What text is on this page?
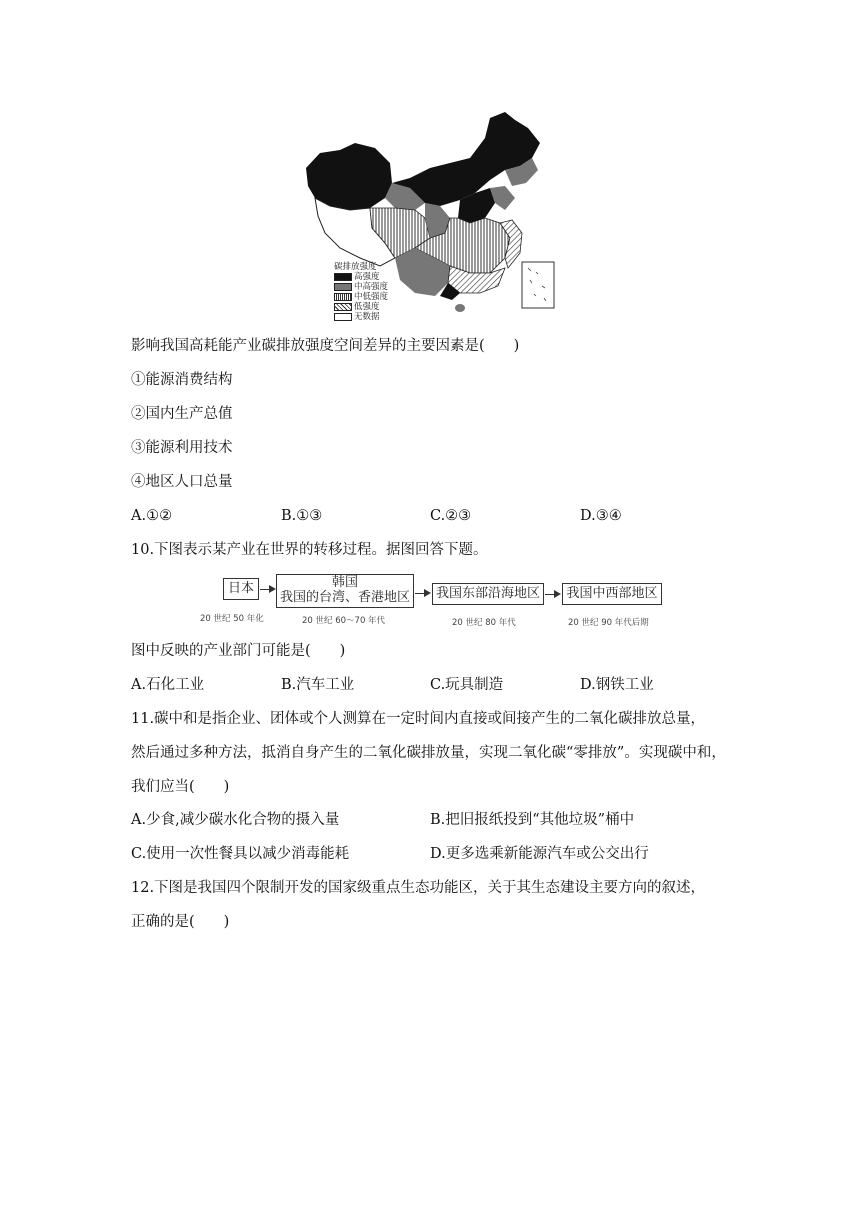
碳排放强度
高强度
中高强度
中低强度
低强度
无数据
影响我国高耗能产业碳排放强度空间差异的主要因素是(　　)
①能源消费结构
②国内生产总值
③能源利用技术
④地区人口总量
A.①②	B.①③	C.②③	D.③④
10.下图表示某产业在世界的转移过程。据图回答下题。
日本	韩国
我国的台湾、香港地区	我国东部沿海地区	我国中西部地区
20 世纪 50 年化	20 世纪 60～70 年代	20 世纪 80 年代	20 世纪 90 年代后期
图中反映的产业部门可能是(　　)
A.石化工业	B.汽车工业	C.玩具制造	D.钢铁工业
11.碳中和是指企业、团体或个人测算在一定时间内直接或间接产生的二氧化碳排放总量，
然后通过多种方法，抵消自身产生的二氧化碳排放量，实现二氧化碳“零排放”。实现碳中和，
我们应当(　　)
A.少食,减少碳水化合物的摄入量	B.把旧报纸投到“其他垃圾”桶中
C.使用一次性餐具以减少消毒能耗	D.更多选乘新能源汽车或公交出行
12.下图是我国四个限制开发的国家级重点生态功能区，关于其生态建设主要方向的叙述，
正确的是(　　)
